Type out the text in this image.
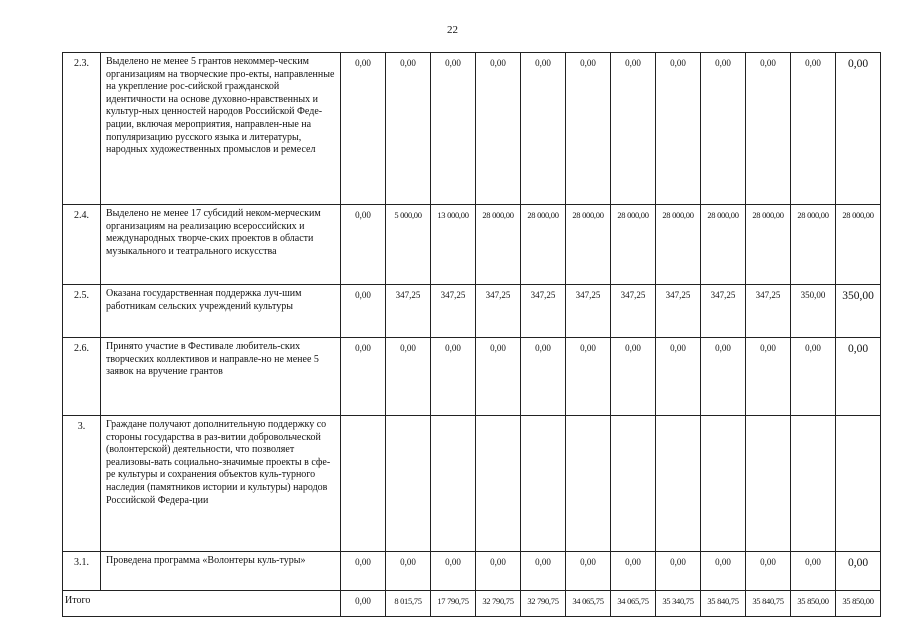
22
2.3.	Выделено не менее 5 грантов некоммер-ческим организациям на творческие про-екты, направленные на укрепление рос-сийской гражданской идентичности на основе духовно-нравственных и культур-ных ценностей народов Российской Феде-рации, включая мероприятия, направлен-ные на популяризацию русского языка и литературы, народных художественных промыслов и ремесел	0,00	0,00	0,00	0,00	0,00	0,00	0,00	0,00	0,00	0,00	0,00	0,00
2.4.	Выделено не менее 17 субсидий неком-мерческим организациям на реализацию всероссийских и международных творче-ских проектов в области музыкального и театрального искусства	0,00	5 000,00	13 000,00	28 000,00	28 000,00	28 000,00	28 000,00	28 000,00	28 000,00	28 000,00	28 000,00	28 000,00
2.5.	Оказана государственная поддержка луч-шим работникам сельских учреждений культуры	0,00	347,25	347,25	347,25	347,25	347,25	347,25	347,25	347,25	347,25	350,00	350,00
2.6.	Принято участие в Фестивале любитель-ских творческих коллективов и направле-но не менее 5 заявок на вручение грантов	0,00	0,00	0,00	0,00	0,00	0,00	0,00	0,00	0,00	0,00	0,00	0,00
3.	Граждане получают дополнительную поддержку со стороны государства в раз-витии добровольческой (волонтерской) деятельности, что позволяет реализовы-вать социально-значимые проекты в сфе-ре культуры и сохранения объектов куль-турного наследия (памятников истории и культуры) народов Российской Федера-ции												
3.1.	Проведена программа «Волонтеры куль-туры»	0,00	0,00	0,00	0,00	0,00	0,00	0,00	0,00	0,00	0,00	0,00	0,00
Итого		0,00	8 015,75	17 790,75	32 790,75	32 790,75	34 065,75	34 065,75	35 340,75	35 840,75	35 840,75	35 850,00	35 850,00
